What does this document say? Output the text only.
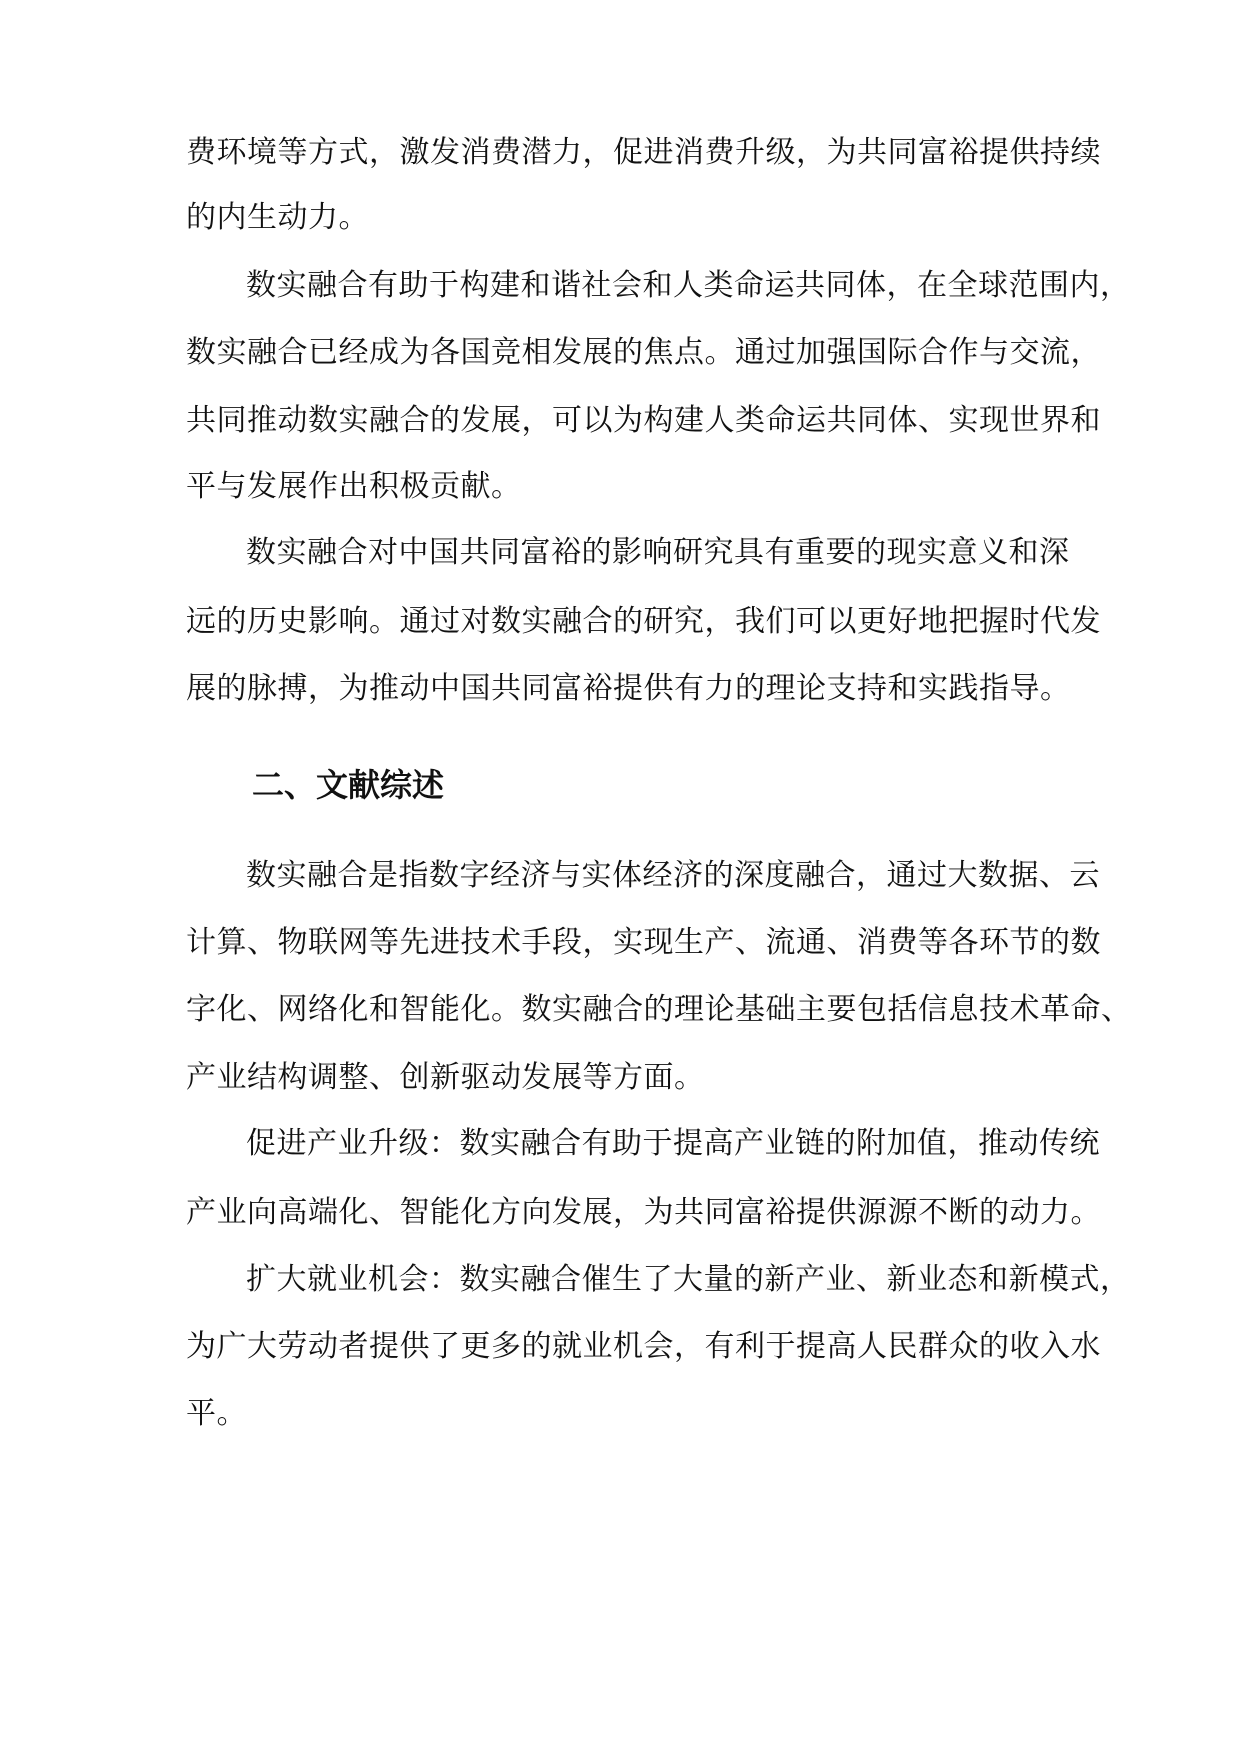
费环境等方式，激发消费潜力，促进消费升级，为共同富裕提供持续
的内生动力。
数实融合有助于构建和谐社会和人类命运共同体，在全球范围内，
数实融合已经成为各国竞相发展的焦点。通过加强国际合作与交流，
共同推动数实融合的发展，可以为构建人类命运共同体、实现世界和
平与发展作出积极贡献。
数实融合对中国共同富裕的影响研究具有重要的现实意义和深
远的历史影响。通过对数实融合的研究，我们可以更好地把握时代发
展的脉搏，为推动中国共同富裕提供有力的理论支持和实践指导。
二、文献综述
数实融合是指数字经济与实体经济的深度融合，通过大数据、云
计算、物联网等先进技术手段，实现生产、流通、消费等各环节的数
字化、网络化和智能化。数实融合的理论基础主要包括信息技术革命、
产业结构调整、创新驱动发展等方面。
促进产业升级：数实融合有助于提高产业链的附加值，推动传统
产业向高端化、智能化方向发展，为共同富裕提供源源不断的动力。
扩大就业机会：数实融合催生了大量的新产业、新业态和新模式，
为广大劳动者提供了更多的就业机会，有利于提高人民群众的收入水
平。
